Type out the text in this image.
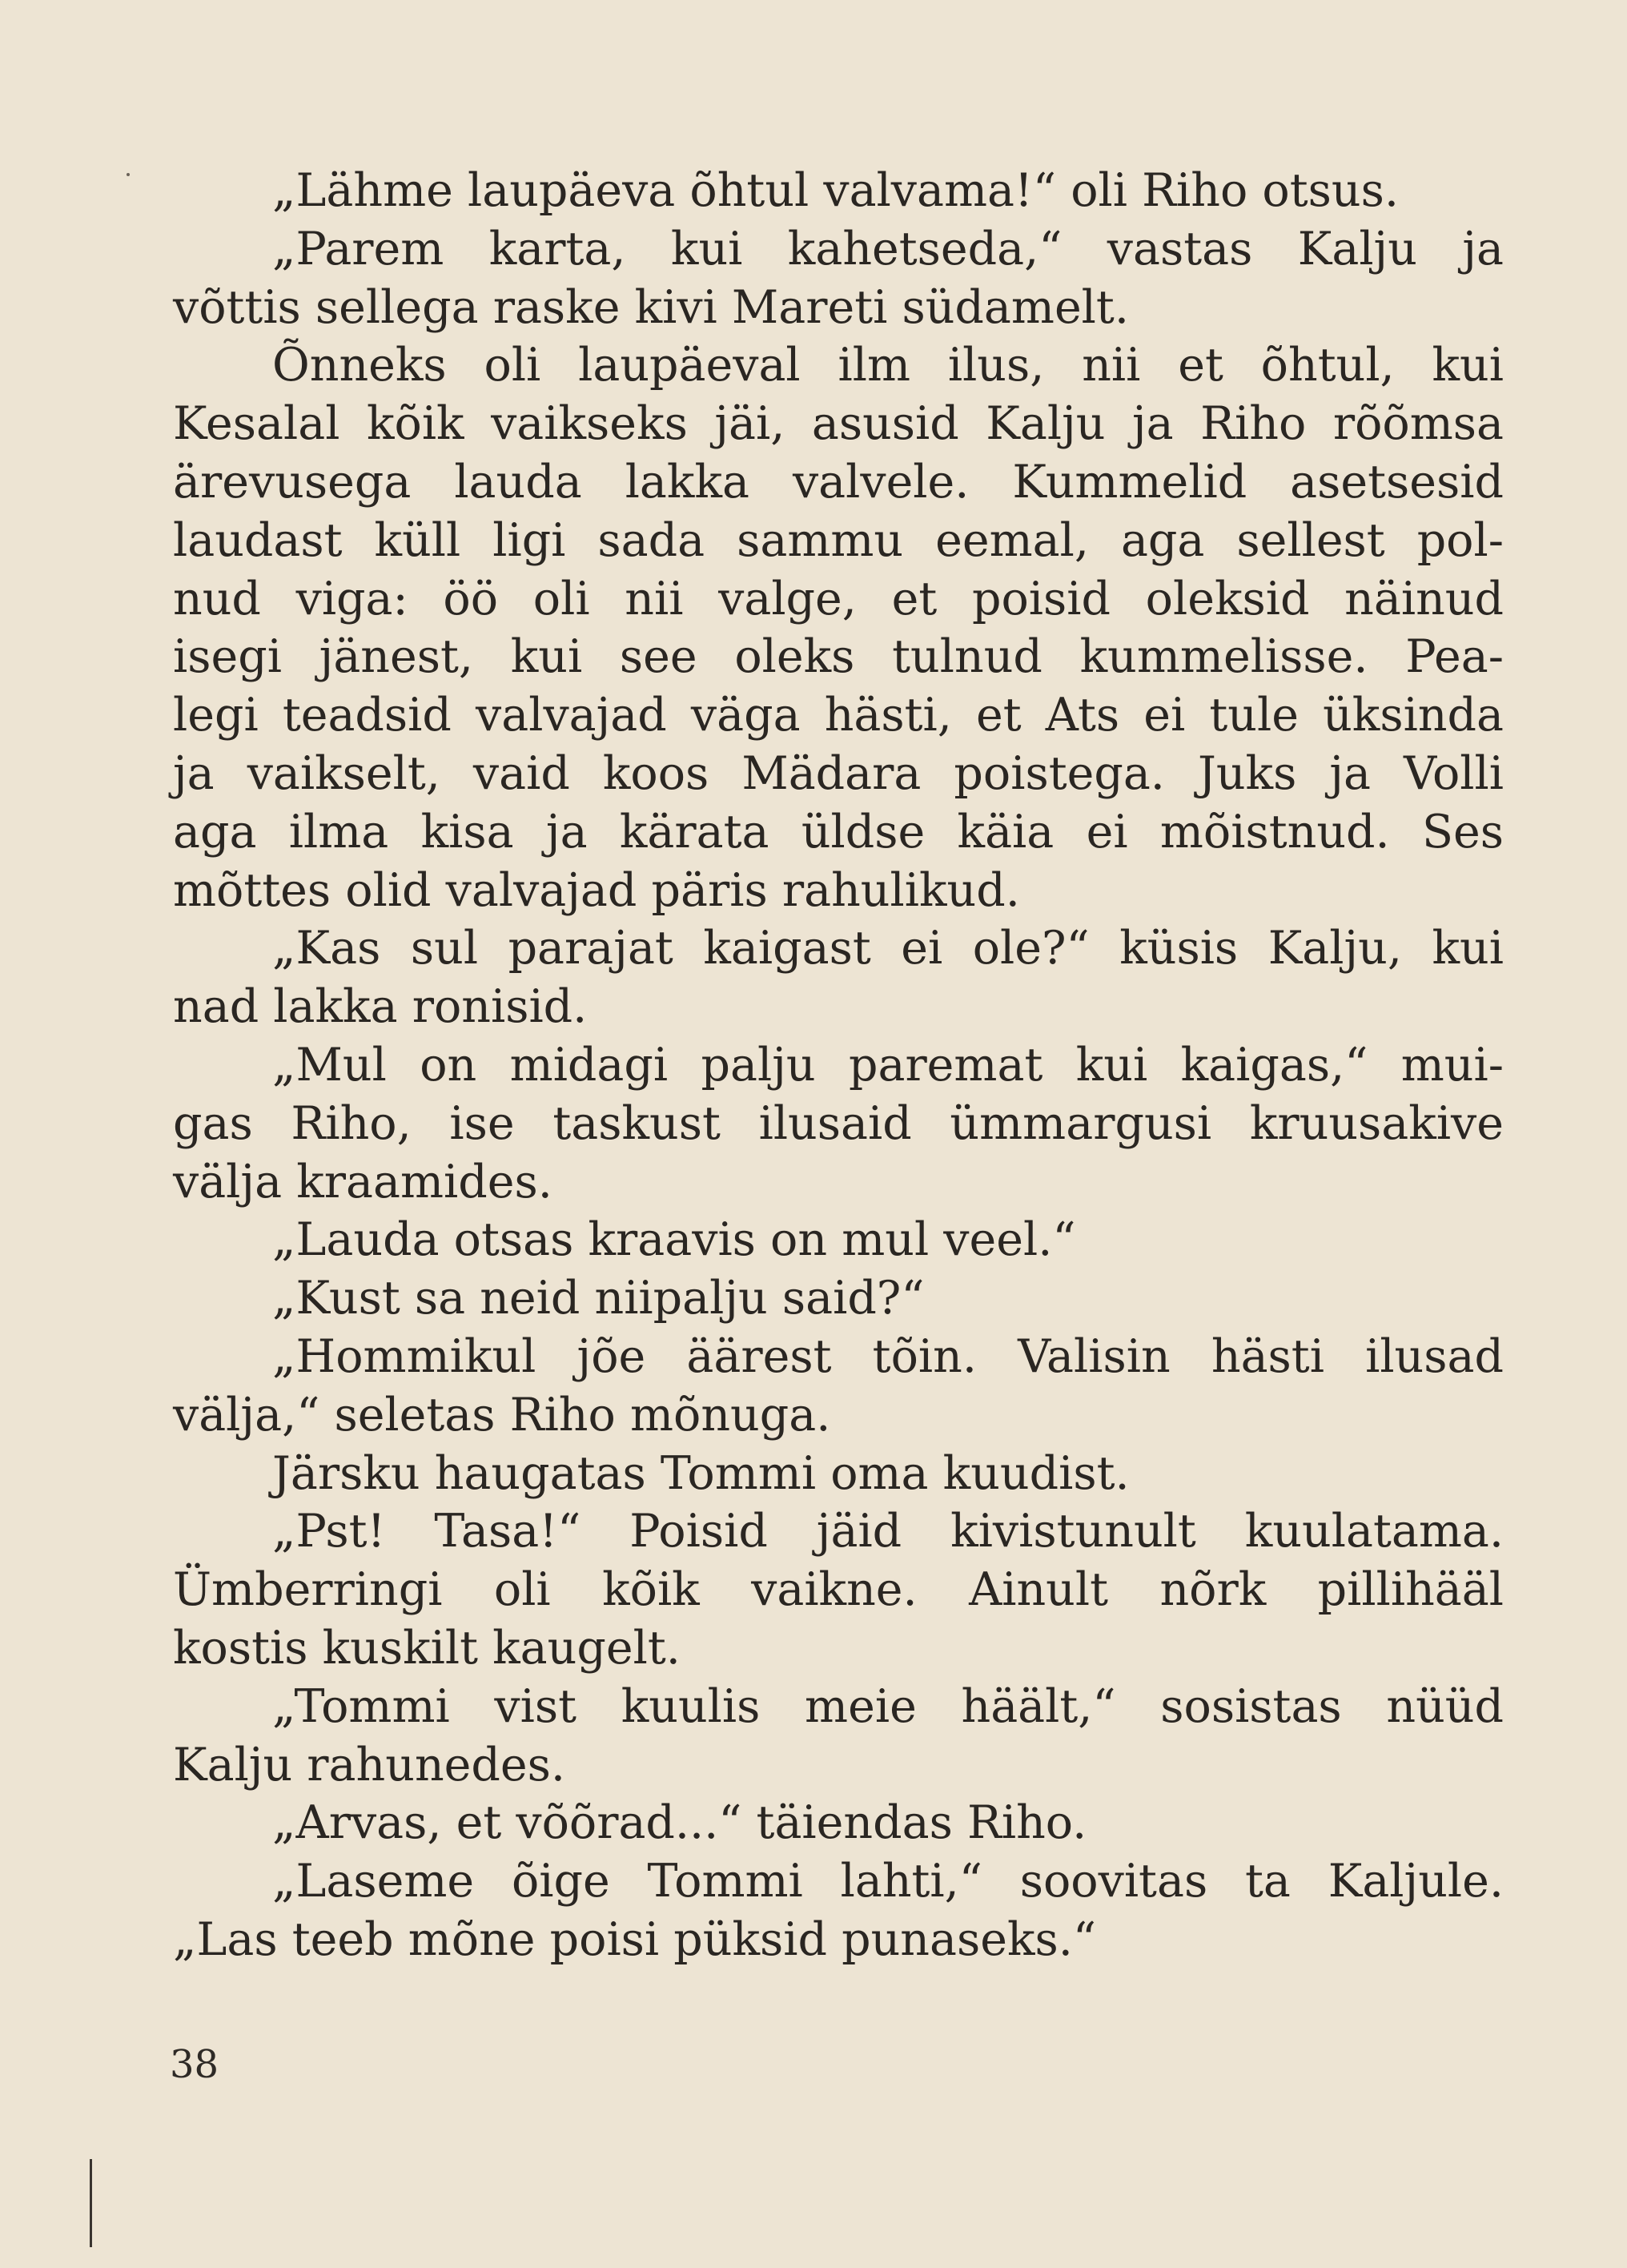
„Lähme laupäeva õhtul valvama!“ oli Riho otsus.
„Parem karta, kui kahetseda,“ vastas Kalju ja
võttis sellega raske kivi Mareti südamelt.
Õnneks oli laupäeval ilm ilus, nii et õhtul, kui
Kesalal kõik vaikseks jäi, asusid Kalju ja Riho rõõmsa
ärevusega lauda lakka valvele. Kummelid asetsesid
laudast küll ligi sada sammu eemal, aga sellest pol-
nud viga: öö oli nii valge, et poisid oleksid näinud
isegi jänest, kui see oleks tulnud kummelisse. Pea-
legi teadsid valvajad väga hästi, et Ats ei tule üksinda
ja vaikselt, vaid koos Mädara poistega. Juks ja Volli
aga ilma kisa ja kärata üldse käia ei mõistnud. Ses
mõttes olid valvajad päris rahulikud.
„Kas sul parajat kaigast ei ole?“ küsis Kalju, kui
nad lakka ronisid.
„Mul on midagi palju paremat kui kaigas,“ mui-
gas Riho, ise taskust ilusaid ümmargusi kruusakive
välja kraamides.
„Lauda otsas kraavis on mul veel.“
„Kust sa neid niipalju said?“
„Hommikul jõe äärest tõin. Valisin hästi ilusad
välja,“ seletas Riho mõnuga.
Järsku haugatas Tommi oma kuudist.
„Pst! Tasa!“ Poisid jäid kivistunult kuulatama.
Ümberringi oli kõik vaikne. Ainult nõrk pillihääl
kostis kuskilt kaugelt.
„Tommi vist kuulis meie häält,“ sosistas nüüd
Kalju rahunedes.
„Arvas, et võõrad...“ täiendas Riho.
„Laseme õige Tommi lahti,“ soovitas ta Kaljule.
„Las teeb mõne poisi püksid punaseks.“
38
